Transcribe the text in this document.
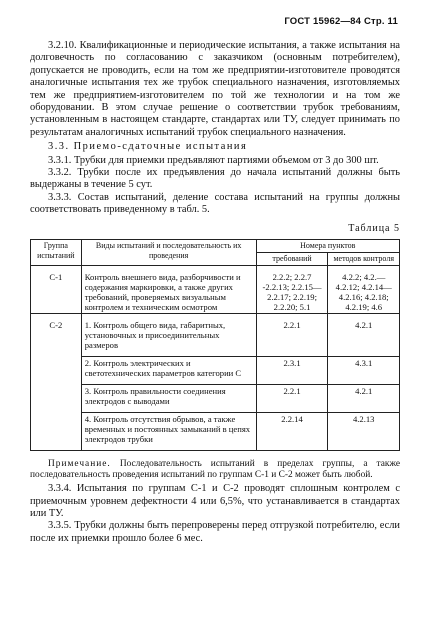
ГОСТ 15962—84 Стр. 11

3.2.10. Квалификационные и периодические испытания, а также испытания на долговечность по согласованию с заказчиком (основным потребителем), допускается не проводить, если на том же предприятии-изготовителе проводятся аналогичные испытания тех же трубок специального назначения, изготовляемых тем же предприятием-изготовителем по той же технологии и на том же оборудовании. В этом случае решение о соответствии трубок требованиям, установленным в настоящем стандарте, стандартах или ТУ, следует принимать по результатам аналогичных испытаний трубок специального назначения.

3.3. Приемо-сдаточные испытания

3.3.1. Трубки для приемки предъявляют партиями объемом от 3 до 300 шт.

3.3.2. Трубки после их предъявления до начала испытаний должны быть выдержаны в течение 5 сут.

3.3.3. Состав испытаний, деление состава испытаний на группы должны соответствовать приведенному в табл. 5.

Таблица 5
Группа испытаний	Виды испытаний и последовательность их проведения	Номера пунктов	
		требований	методов контроля
С-1	Контроль внешнего вида, разборчивости и содержания маркировки, а также других требований, проверяемых визуальным контролем и техническим осмотром	2.2.2; 2.2.7 -2.2.13; 2.2.15—2.2.17; 2.2.19; 2.2.20; 5.1	4.2.2; 4.2.—4.2.12; 4.2.14—4.2.16; 4.2.18; 4.2.19; 4.6
С-2	1. Контроль общего вида, габаритных, установочных и присоединительных размеров	2.2.1	4.2.1
	2. Контроль электрических и светотехнических параметров категории С	2.3.1	4.3.1
	3. Контроль правильности соединения электродов с выводами	2.2.1	4.2.1
	4. Контроль отсутствия обрывов, а также временных и постоянных замыканий в цепях электродов трубки	2.2.14	4.2.13

Примечание. Последовательность испытаний в пределах группы, а также последовательность проведения испытаний по группам С-1 и С-2 может быть любой.

3.3.4. Испытания по группам С-1 и С-2 проводят сплошным контролем с приемочным уровнем дефектности 4 или 6,5%, что устанавливается в стандартах или ТУ.

3.3.5. Трубки должны быть перепроверены перед отгрузкой потребителю, если после их приемки прошло более 6 мес.
